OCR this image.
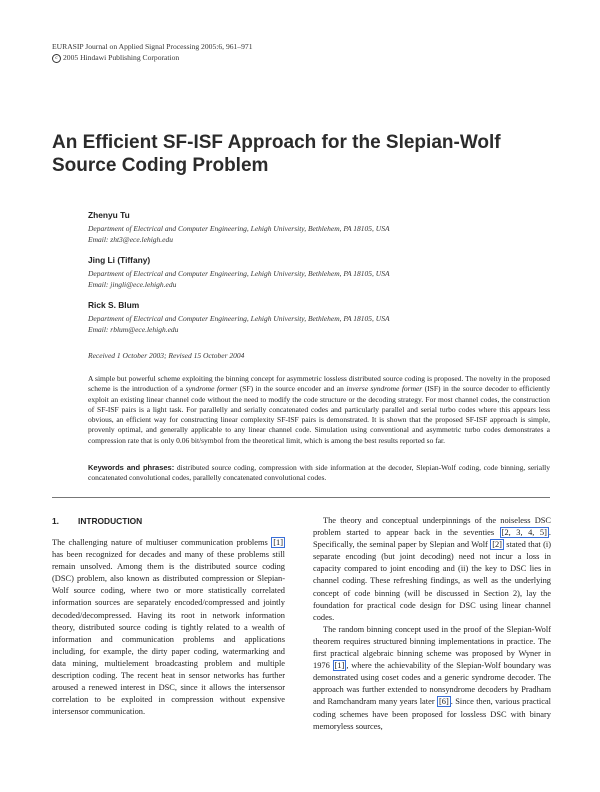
EURASIP Journal on Applied Signal Processing 2005:6, 961–971
c 2005 Hindawi Publishing Corporation
An Efficient SF-ISF Approach for the Slepian-Wolf Source Coding Problem
Zhenyu Tu
Department of Electrical and Computer Engineering, Lehigh University, Bethlehem, PA 18105, USA
Email: zht3@ece.lehigh.edu
Jing Li (Tiffany)
Department of Electrical and Computer Engineering, Lehigh University, Bethlehem, PA 18105, USA
Email: jingli@ece.lehigh.edu
Rick S. Blum
Department of Electrical and Computer Engineering, Lehigh University, Bethlehem, PA 18105, USA
Email: rblum@ece.lehigh.edu
Received 1 October 2003; Revised 15 October 2004

A simple but powerful scheme exploiting the binning concept for asymmetric lossless distributed source coding is proposed. The novelty in the proposed scheme is the introduction of a syndrome former (SF) in the source encoder and an inverse syndrome former (ISF) in the source decoder to efficiently exploit an existing linear channel code without the need to modify the code structure or the decoding strategy. For most channel codes, the construction of SF-ISF pairs is a light task. For parallelly and serially concatenated codes and particularly parallel and serial turbo codes where this appears less obvious, an efficient way for constructing linear complexity SF-ISF pairs is demonstrated. It is shown that the proposed SF-ISF approach is simple, provenly optimal, and generally applicable to any linear channel code. Simulation using conventional and asymmetric turbo codes demonstrates a compression rate that is only 0.06 bit/symbol from the theoretical limit, which is among the best results reported so far.

Keywords and phrases: distributed source coding, compression with side information at the decoder, Slepian-Wolf coding, code binning, serially concatenated convolutional codes, parallelly concatenated convolutional codes.

1. INTRODUCTION

The challenging nature of multiuser communication problems [1] has been recognized for decades and many of these problems still remain unsolved. Among them is the distributed source coding (DSC) problem, also known as distributed compression or Slepian-Wolf source coding, where two or more statistically correlated information sources are separately encoded/compressed and jointly decoded/decompressed. Having its root in network information theory, distributed source coding is tightly related to a wealth of information and communication problems and applications including, for example, the dirty paper coding, watermarking and data mining, multielement broadcasting problem and multiple description coding. The recent heat in sensor networks has further aroused a renewed interest in DSC, since it allows the intersensor correlation to be exploited in compression without expensive intersensor communication.

The theory and conceptual underpinnings of the noiseless DSC problem started to appear back in the seventies [2, 3, 4, 5] . Specifically, the seminal paper by Slepian and Wolf [2] stated that (i) separate encoding (but joint decoding) need not incur a loss in capacity compared to joint encoding and (ii) the key to DSC lies in channel coding. These refreshing findings, as well as the underlying concept of code binning (will be discussed in Section 2), lay the foundation for practical code design for DSC using linear channel codes.

The random binning concept used in the proof of the Slepian-Wolf theorem requires structured binning implementations in practice. The first practical algebraic binning scheme was proposed by Wyner in 1976 [1] , where the achievability of the Slepian-Wolf boundary was demonstrated using coset codes and a generic syndrome decoder. The approach was further extended to nonsyndrome decoders by Pradham and Ramchandram many years later [6] . Since then, various practical coding schemes have been proposed for lossless DSC with binary memoryless sources,
